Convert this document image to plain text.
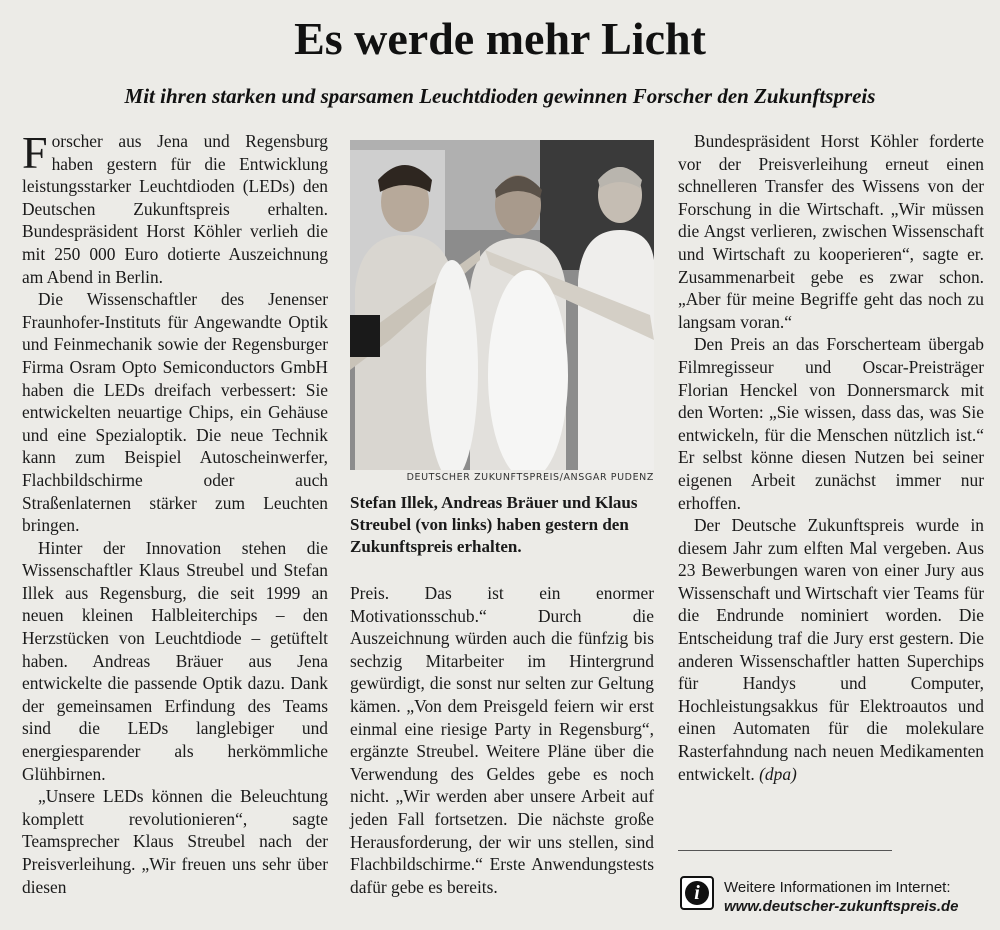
Es werde mehr Licht
Mit ihren starken und sparsamen Leuchtdioden gewinnen Forscher den Zukunftspreis

Forscher aus Jena und Regensburg haben gestern für die Entwicklung leistungsstarker Leuchtdioden (LEDs) den Deutschen Zukunftspreis erhalten. Bundespräsident Horst Köhler verlieh die mit 250 000 Euro dotierte Auszeichnung am Abend in Berlin.

Die Wissenschaftler des Jenenser Fraunhofer-Instituts für Angewandte Optik und Feinmechanik sowie der Regensburger Firma Osram Opto Semiconductors GmbH haben die LEDs dreifach verbessert: Sie entwickelten neuartige Chips, ein Gehäuse und eine Spezialoptik. Die neue Technik kann zum Beispiel Autoscheinwerfer, Flachbildschirme oder auch Straßenlaternen stärker zum Leuchten bringen.

Hinter der Innovation stehen die Wissenschaftler Klaus Streubel und Stefan Illek aus Regensburg, die seit 1999 an neuen kleinen Halbleiterchips – den Herzstücken von Leuchtdiode – getüftelt haben. Andreas Bräuer aus Jena entwickelte die passende Optik dazu. Dank der gemeinsamen Erfindung des Teams sind die LEDs langlebiger und energiesparender als herkömmliche Glühbirnen.

„Unsere LEDs können die Beleuchtung komplett revolutionieren“, sagte Teamsprecher Klaus Streubel nach der Preisverleihung. „Wir freuen uns sehr über diesen

DEUTSCHER ZUKUNFTSPREIS/ANSGAR PUDENZ
Stefan Illek, Andreas Bräuer und Klaus Streubel (von links) haben gestern den Zukunftspreis erhalten.

Preis. Das ist ein enormer Motivationsschub.“ Durch die Auszeichnung würden auch die fünfzig bis sechzig Mitarbeiter im Hintergrund gewürdigt, die sonst nur selten zur Geltung kämen. „Von dem Preisgeld feiern wir erst einmal eine riesige Party in Regensburg“, ergänzte Streubel. Weitere Pläne über die Verwendung des Geldes gebe es noch nicht. „Wir werden aber unsere Arbeit auf jeden Fall fortsetzen. Die nächste große Herausforderung, der wir uns stellen, sind Flachbildschirme.“ Erste Anwendungstests dafür gebe es bereits.

Bundespräsident Horst Köhler forderte vor der Preisverleihung erneut einen schnelleren Transfer des Wissens von der Forschung in die Wirtschaft. „Wir müssen die Angst verlieren, zwischen Wissenschaft und Wirtschaft zu kooperieren“, sagte er. Zusammenarbeit gebe es zwar schon. „Aber für meine Begriffe geht das noch zu langsam voran.“

Den Preis an das Forscherteam übergab Filmregisseur und Oscar-Preisträger Florian Henckel von Donnersmarck mit den Worten: „Sie wissen, dass das, was Sie entwickeln, für die Menschen nützlich ist.“ Er selbst könne diesen Nutzen bei seiner eigenen Arbeit zunächst immer nur erhoffen.

Der Deutsche Zukunftspreis wurde in diesem Jahr zum elften Mal vergeben. Aus 23 Bewerbungen waren von einer Jury aus Wissenschaft und Wirtschaft vier Teams für die Endrunde nominiert worden. Die Entscheidung traf die Jury erst gestern. Die anderen Wissenschaftler hatten Superchips für Handys und Computer, Hochleistungsakkus für Elektroautos und einen Automaten für die molekulare Rasterfahndung nach neuen Medikamenten entwickelt. (dpa)

i	Weitere Informationen im Internet:
www.deutscher-zukunftspreis.de
